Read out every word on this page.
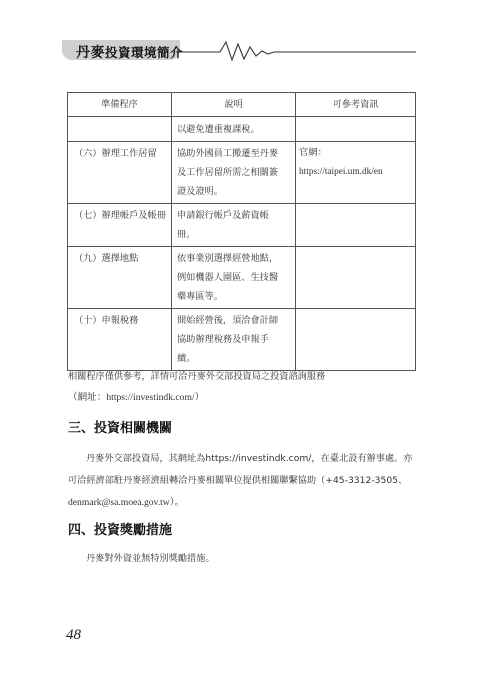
丹麥投資環境簡介
準備程序	說明	可參考資訊
	以避免遭重複課稅。	
（六）辦理工作居留	協助外國員工搬遷至丹麥
及工作居留所需之相關簽
證及證明。	官網：https://taipei.um.dk/en
（七）辦理帳戶及帳冊	申請銀行帳戶及薪資帳
冊。	

（九）選擇地點	依事業別選擇經營地點，
例如機器人園區、生技醫
藥專區等。	

（十）申報稅務	開始經營後，須洽會計師
協助辦理稅務及申報手
續。	

相關程序僅供參考，詳情可洽丹麥外交部投資局之投資諮詢服務
（網址：https://investindk.com/）
三、投資相關機關
丹麥外交部投資局，其網址為https://investindk.com/，在臺北設有辦事處。亦
可洽經濟部駐丹麥經濟組轉洽丹麥相關單位提供相關聯繫協助（+45-3312-3505、
denmark@sa.moea.gov.tw）。
四、投資獎勵措施
丹麥對外資並無特別獎勵措施。
48
